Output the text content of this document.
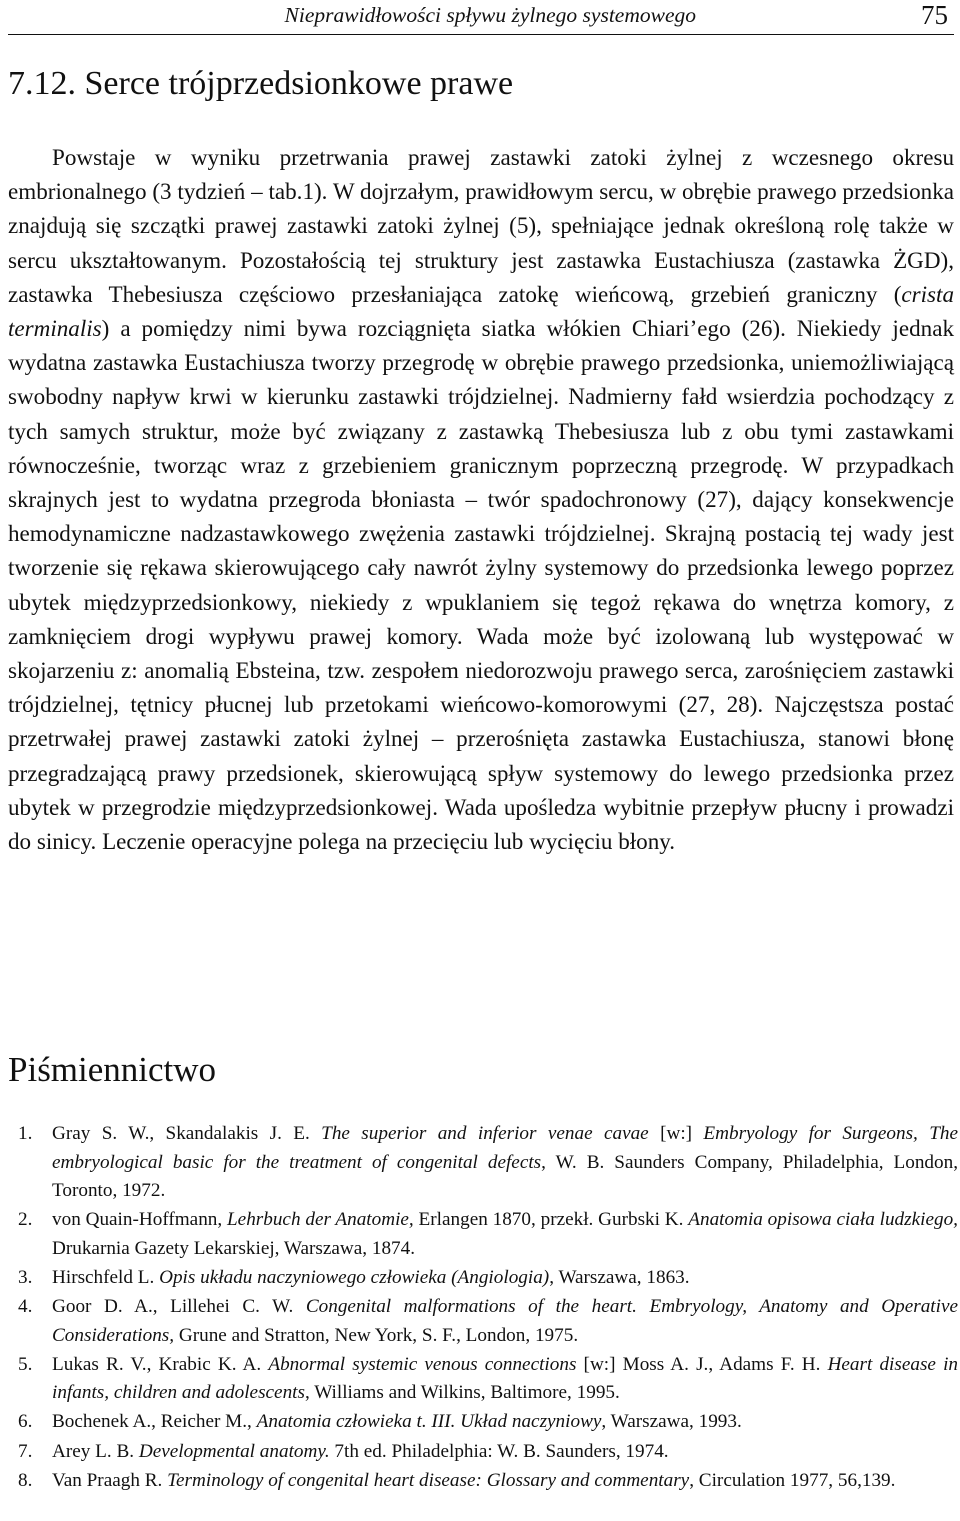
Nieprawidłowości spływu żylnego systemowego	75
7.12. Serce trójprzedsionkowe prawe

Powstaje w wyniku przetrwania prawej zastawki zatoki żylnej z wczesnego okresu embrionalnego (3 tydzień – tab.1). W dojrzałym, prawidłowym sercu, w obrębie prawego przedsionka znajdują się szczątki prawej zastawki zatoki żylnej (5), spełniające jednak określoną rolę także w sercu ukształtowanym. Pozostałością tej struktury jest zastawka Eustachiusza (zastawka ŻGD), zastawka Thebesiusza częściowo przesłaniająca zatokę wieńcową, grzebień graniczny (crista terminalis) a pomiędzy nimi bywa rozciągnięta siatka włókien Chiari’ego (26). Niekiedy jednak wydatna zastawka Eustachiusza tworzy przegrodę w obrębie prawego przedsionka, uniemożliwiającą swobodny napływ krwi w kierunku zastawki trójdzielnej. Nadmierny fałd wsierdzia pochodzący z tych samych struktur, może być związany z zastawką Thebesiusza lub z obu tymi zastawkami równocześnie, tworząc wraz z grzebieniem granicznym poprzeczną przegrodę. W przypadkach skrajnych jest to wydatna przegroda błoniasta – twór spadochronowy (27), dający konsekwencje hemodynamiczne nadzastawkowego zwężenia zastawki trójdzielnej. Skrajną postacią tej wady jest tworzenie się rękawa skierowującego cały nawrót żylny systemowy do przedsionka lewego poprzez ubytek międzyprzedsionkowy, niekiedy z wpuklaniem się tegoż rękawa do wnętrza komory, z zamknięciem drogi wypływu prawej komory. Wada może być izolowaną lub występować w skojarzeniu z: anomalią Ebsteina, tzw. zespołem niedorozwoju prawego serca, zarośnięciem zastawki trójdzielnej, tętnicy płucnej lub przetokami wieńcowo-komorowymi (27, 28). Najczęstsza postać przetrwałej prawej zastawki zatoki żylnej – przerośnięta zastawka Eustachiusza, stanowi błonę przegradzającą prawy przedsionek, skierowującą spływ systemowy do lewego przedsionka przez ubytek w przegrodzie międzyprzedsionkowej. Wada upośledza wybitnie przepływ płucny i prowadzi do sinicy. Leczenie operacyjne polega na przecięciu lub wycięciu błony.

Piśmiennictwo
1. Gray S. W., Skandalakis J. E. The superior and inferior venae cavae [w:] Embryology for Surgeons, The embryological basic for the treatment of congenital defects, W. B. Saunders Company, Philadelphia, London, Toronto, 1972.
2. von Quain-Hoffmann, Lehrbuch der Anatomie, Erlangen 1870, przekł. Gurbski K. Anatomia opisowa ciała ludzkiego, Drukarnia Gazety Lekarskiej, Warszawa, 1874.
3. Hirschfeld L. Opis układu naczyniowego człowieka (Angiologia), Warszawa, 1863.
4. Goor D. A., Lillehei C. W. Congenital malformations of the heart. Embryology, Anatomy and Operative Considerations, Grune and Stratton, New York, S. F., London, 1975.
5. Lukas R. V., Krabic K. A. Abnormal systemic venous connections [w:] Moss A. J., Adams F. H. Heart disease in infants, children and adolescents, Williams and Wilkins, Baltimore, 1995.
6. Bochenek A., Reicher M., Anatomia człowieka t. III. Układ naczyniowy, Warszawa, 1993.
7. Arey L. B. Developmental anatomy. 7th ed. Philadelphia: W. B. Saunders, 1974.
8. Van Praagh R. Terminology of congenital heart disease: Glossary and commentary, Circulation 1977, 56,139.
